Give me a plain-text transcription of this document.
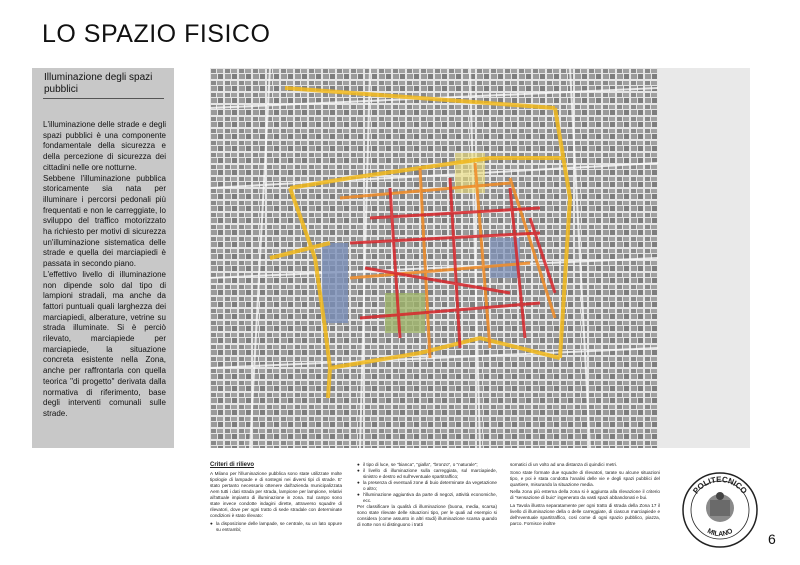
LO SPAZIO FISICO
Illuminazione degli spazi pubblici

L'illuminazione delle strade e degli spazi pubblici è una componente fondamentale della sicurezza e della percezione di sicurezza dei cittadini nelle ore notturne.

Sebbene l'illuminazione pubblica storicamente sia nata per illuminare i percorsi pedonali più frequentati e non le carreggiate, lo sviluppo del traffico motorizzato ha richiesto per motivi di sicurezza un'illuminazione sistematica delle strade e quella dei marciapiedi è passata in secondo piano.

L'effettivo livello di illuminazione non dipende solo dal tipo di lampioni stradali, ma anche da fattori puntuali quali larghezza dei marciapiedi, alberature, vetrine su strada illuminate. Si è perciò rilevato, marciapiede per marciapiede, la situazione concreta esistente nella Zona, anche per raffrontarla con quella teorica "di progetto" derivata dalla normativa di riferimento, base degli interventi comunali sulle strade.

Criteri di rilievo

A Milano per l'illuminazione pubblica sono state utilizzate molte tipologie di lampade e di sostegni nei diversi tipi di strade. E' stato pertanto necessario ottenere dall'azienda municipalizzata Aem tutti i dati strada per strada, lampione per lampione, relativi all'attuale impianto di illuminazione in zona. Sul campo sono state invece condotte indagini dirette, attraverso squadre di rilevatori, dove per ogni tratto di sede stradale con determinate condizioni è stato rilevato:

● la disposizione delle lampade, se centrale, su un lato oppure su entrambi;
● il tipo di luce, se "bianca", "gialla", "bronzo", o "naturale";
● il livello di illuminazione sulla carreggiata, sul marciapiede, sinistro e destro ed sull'eventuale spartitraffico;
● la presenza di eventuali zone di buio determinate da vegetazione o altro;
● l'illuminazione aggiuntiva da parte di negozi, attività economiche, ecc.

Per classificare la qualità di illuminazione (buona, media, scarsa) sono state rilevate delle situazioni tipo, per le quali ad esempio si considera (come assunto in altri studi) illuminazione scarsa quando di notte non si distinguono i tratti

somatici di un volto ad una distanza di quindici metri.

Sono state formate due squadre di rilevatori, tarate su alcune situazioni tipo, e poi è stata condotta l'analisi delle vie e degli spazi pubblici del quartiere, misurando la situazione media.

Nella zona più esterna della zona si è aggiunta alla rilevazione il criterio di "sensazione di buio" ingenerato da vasti spazi abbandonati e bui.

La Tavola illustra separatamente per ogni tratto di strada della Zona 17 il livello di illuminazione della o delle carreggiate, di ciascun marciapiede e dell'eventuale spartitraffico, così come di ogni spazio pubblico, piazza, parco. Fornisce inoltre

POLITECNICO
MILANO 6
